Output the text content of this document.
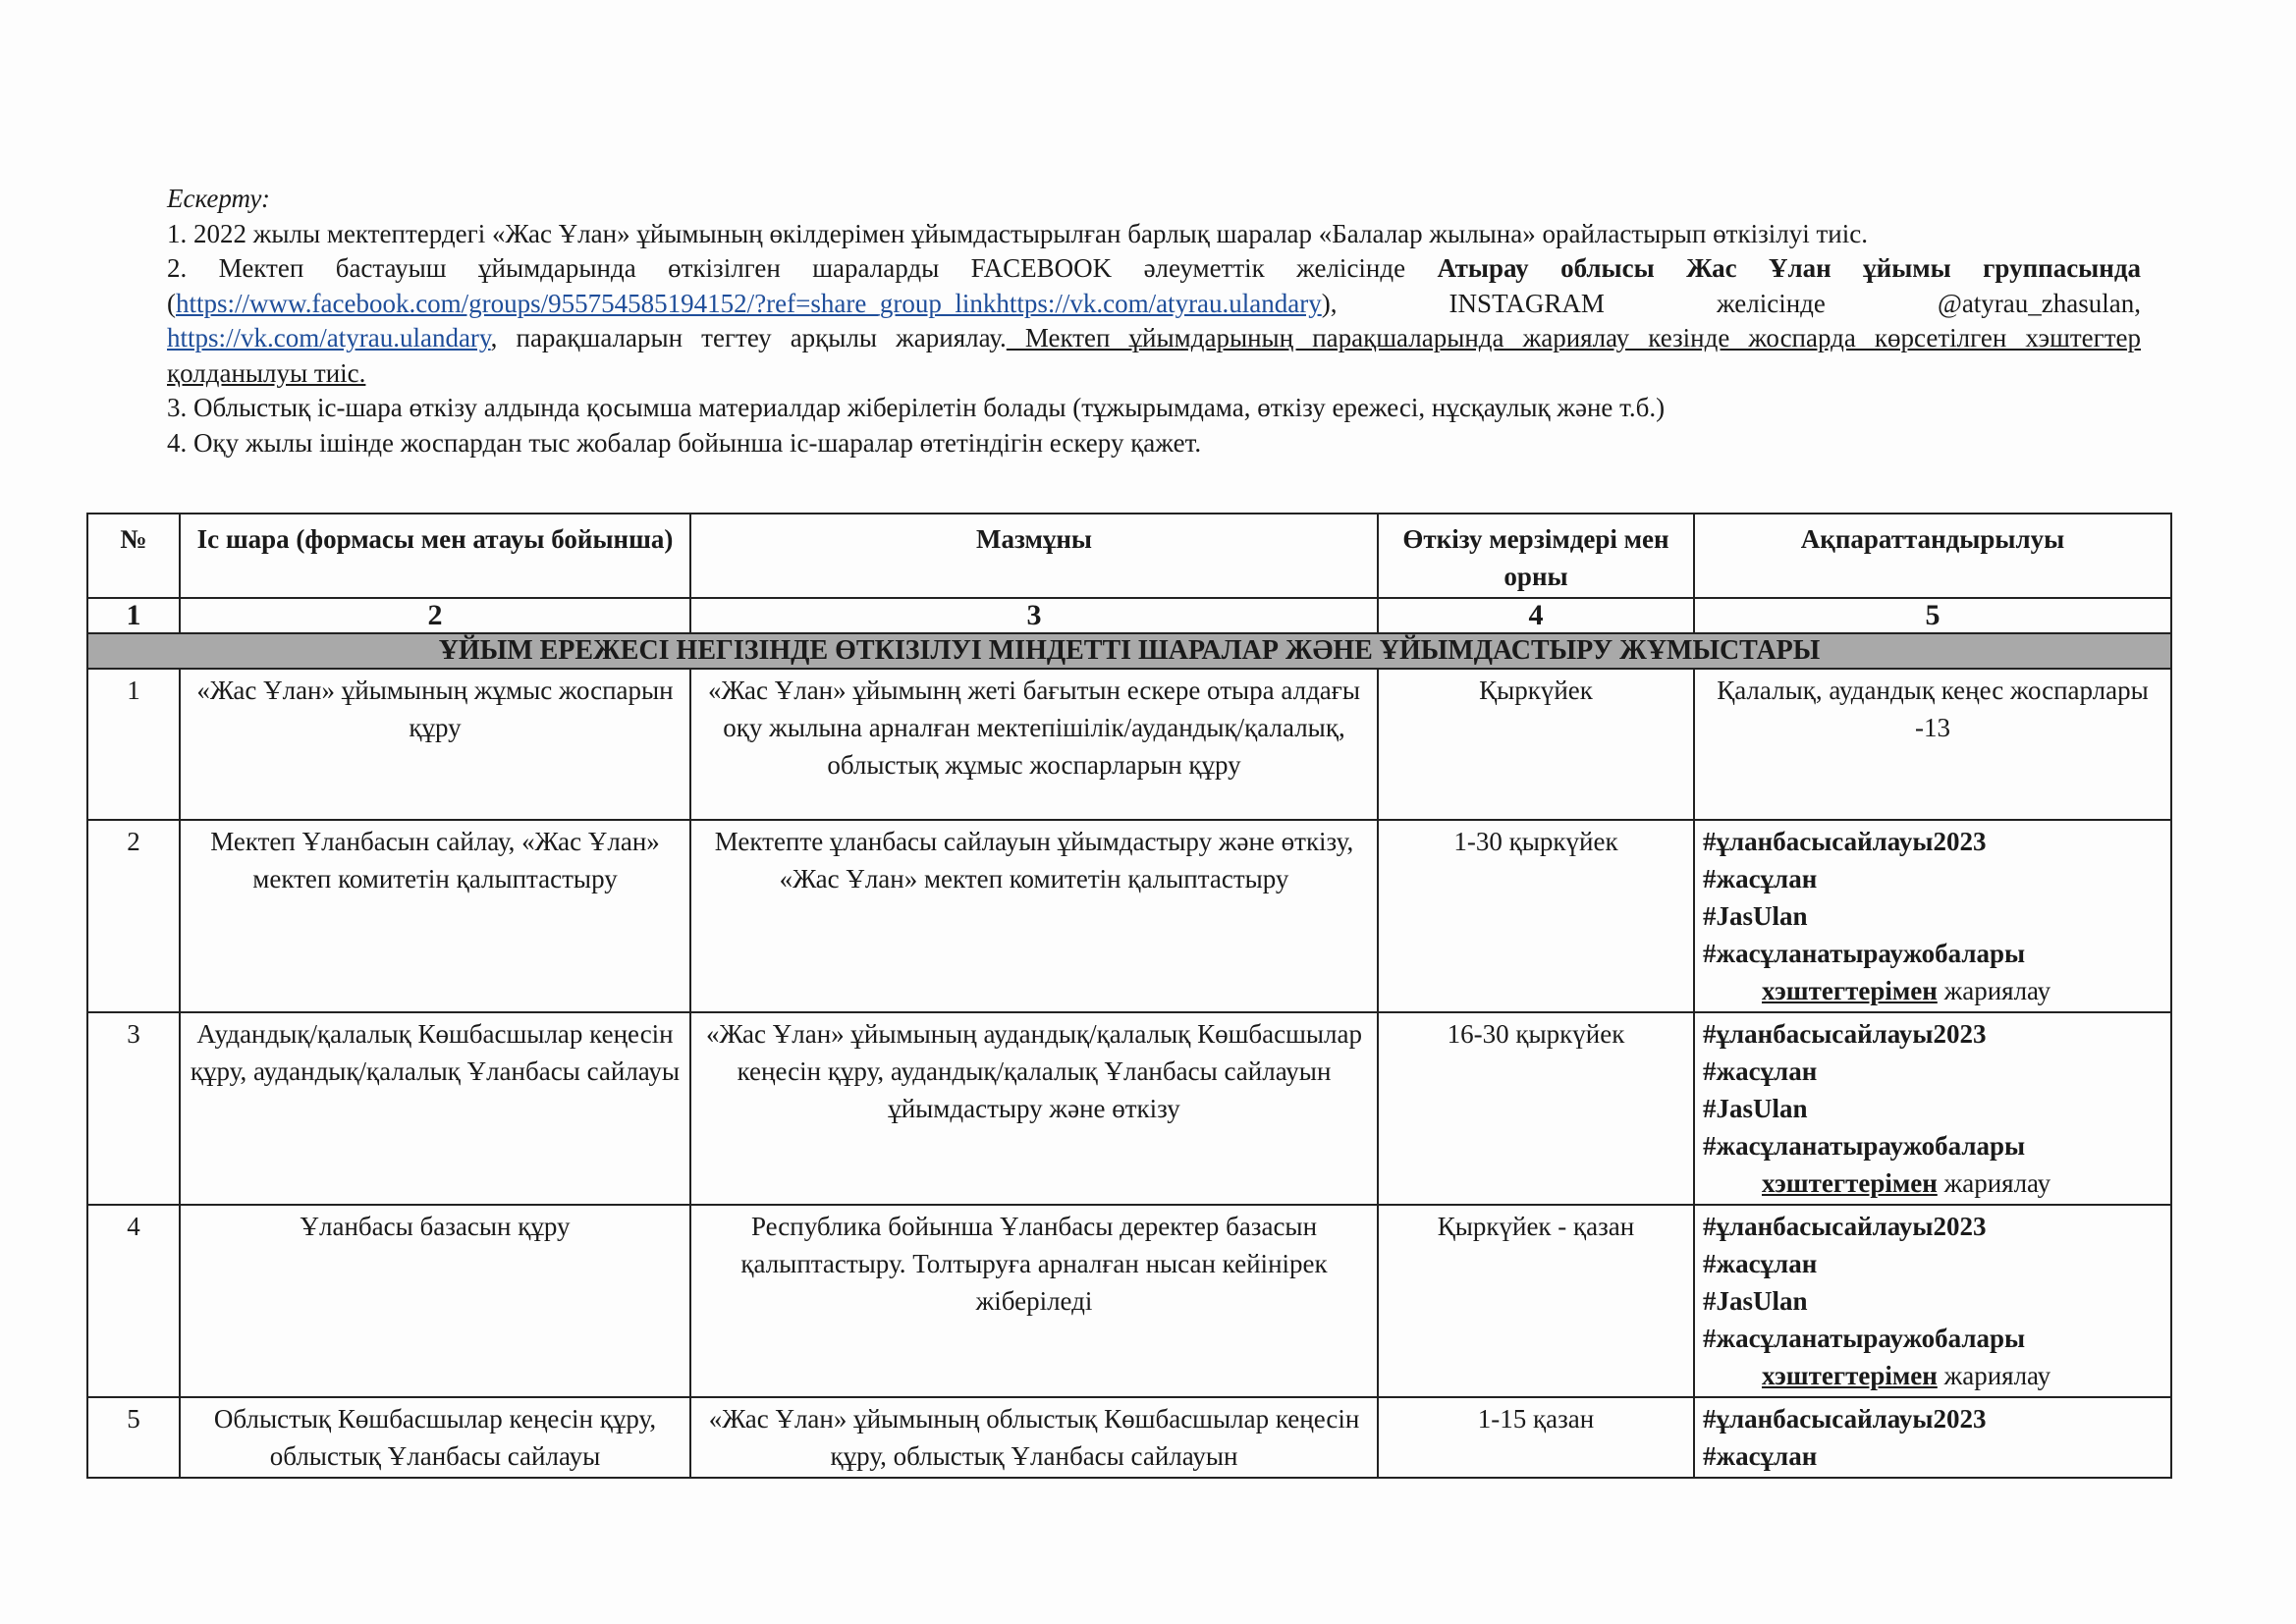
Ескерту:

1. 2022 жылы мектептердегі «Жас Ұлан» ұйымының өкілдерімен ұйымдастырылған барлық шаралар «Балалар жылына» орайластырып өткізілуі тиіс.

2. Мектеп бастауыш ұйымдарында өткізілген шараларды FACEBOOK әлеуметтік желісінде Атырау облысы Жас Ұлан ұйымы группасында (https://www.facebook.com/groups/955754585194152/?ref=share_group_linkhttps://vk.com/atyrau.ulandary), INSTAGRAM желісінде @atyrau_zhasulan, https://vk.com/atyrau.ulandary, парақшаларын тегтеу арқылы жариялау. Мектеп ұйымдарының парақшаларында жариялау кезінде жоспарда көрсетілген хэштегтер қолданылуы тиіс.

3. Облыстық іс-шара өткізу алдында қосымша материалдар жіберілетін болады (тұжырымдама, өткізу ережесі, нұсқаулық және т.б.)

4. Оқу жылы ішінде жоспардан тыс жобалар бойынша іс-шаралар өтетіндігін ескеру қажет.

№	Іс шара (формасы мен атауы бойынша)	Мазмұны	Өткізу мерзімдері мен орны	Ақпараттандырылуы
1	2	3	4	5
ҰЙЫМ ЕРЕЖЕСІ НЕГІЗІНДЕ ӨТКІЗІЛУІ МІНДЕТТІ ШАРАЛАР ЖӘНЕ ҰЙЫМДАСТЫРУ ЖҰМЫСТАРЫ				
1	«Жас Ұлан» ұйымының жұмыс жоспарын құру	«Жас Ұлан» ұйымынң жеті бағытын ескере отыра алдағы оқу жылына арналған мектепішілік/аудандық/қалалық, облыстық жұмыс жоспарларын құру	Қыркүйек	Қалалық, аудандық кеңес жоспарлары -13
2	Мектеп Ұланбасын сайлау, «Жас Ұлан» мектеп комитетін қалыптастыру	Мектепте ұланбасы сайлауын ұйымдастыру және өткізу, «Жас Ұлан» мектеп комитетін қалыптастыру	1-30 қыркүйек	#ұланбасысайлауы2023
#жасұлан
#JasUlan
#жасұланатыраужобалары
хэштегтерімен жариялау

3	Аудандық/қалалық Көшбасшылар кеңесін құру, аудандық/қалалық Ұланбасы сайлауы	«Жас Ұлан» ұйымының аудандық/қалалық Көшбасшылар кеңесін құру, аудандық/қалалық Ұланбасы сайлауын ұйымдастыру және өткізу	16-30 қыркүйек	#ұланбасысайлауы2023
#жасұлан
#JasUlan
#жасұланатыраужобалары
хэштегтерімен жариялау

4	Ұланбасы базасын құру	Республика бойынша Ұланбасы деректер базасын қалыптастыру. Толтыруға арналған нысан кейінірек жіберіледі	Қыркүйек - қазан	#ұланбасысайлауы2023
#жасұлан
#JasUlan
#жасұланатыраужобалары
хэштегтерімен жариялау

5	Облыстық Көшбасшылар кеңесін құру, облыстық Ұланбасы сайлауы	«Жас Ұлан» ұйымының облыстық Көшбасшылар кеңесін құру, облыстық Ұланбасы сайлауын	1-15 қазан	#ұланбасысайлауы2023
#жасұлан
